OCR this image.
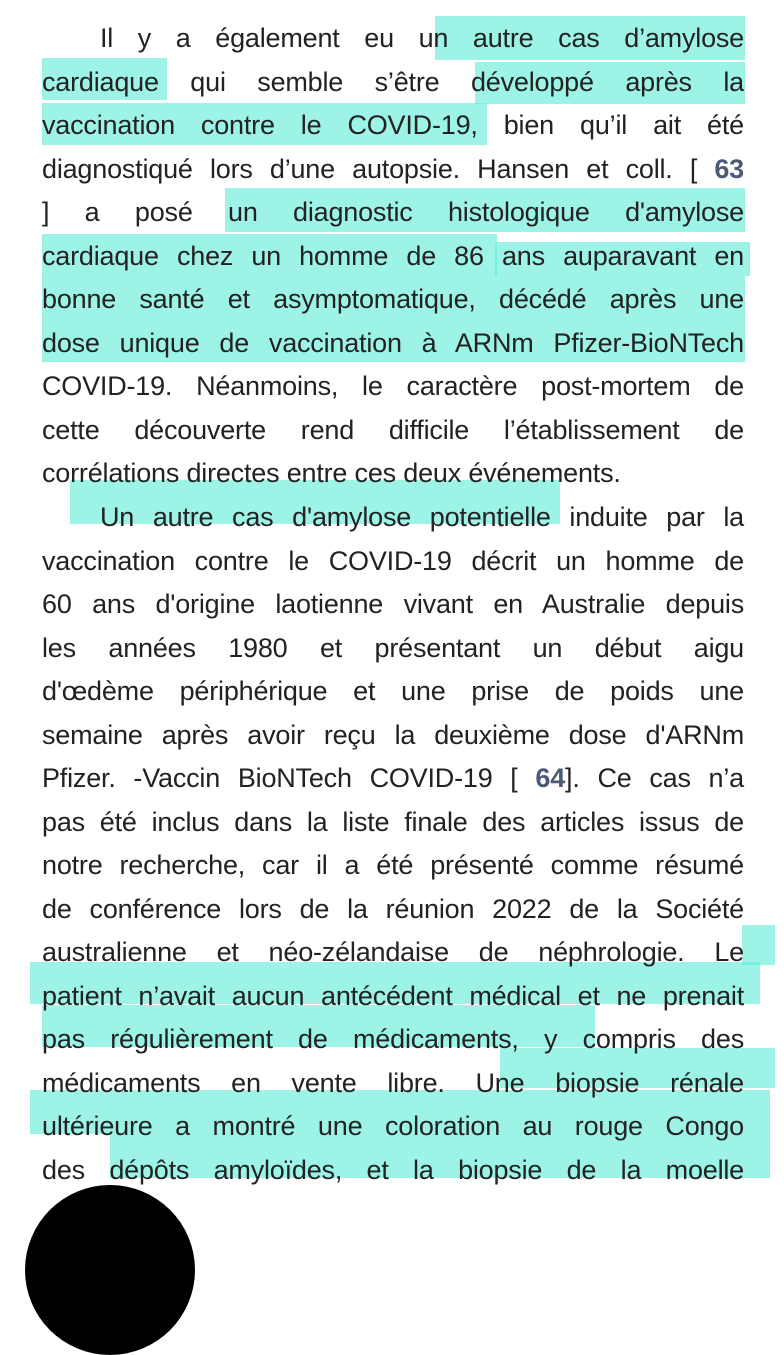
Il y a également eu un autre cas d’amylose
cardiaque qui semble s’être développé après la
vaccination contre le COVID-19, bien qu’il ait été
diagnostiqué lors d’une autopsie. Hansen et coll. [ 63
] a posé un diagnostic histologique d'amylose
cardiaque chez un homme de 86 ans auparavant en
bonne santé et asymptomatique, décédé après une
dose unique de vaccination à ARNm Pfizer-BioNTech
COVID-19. Néanmoins, le caractère post-mortem de
cette découverte rend difficile l’établissement de
corrélations directes entre ces deux événements.
Un autre cas d'amylose potentielle induite par la
vaccination contre le COVID-19 décrit un homme de
60 ans d'origine laotienne vivant en Australie depuis
les années 1980 et présentant un début aigu
d'œdème périphérique et une prise de poids une
semaine après avoir reçu la deuxième dose d'ARNm
Pfizer. -Vaccin BioNTech COVID-19 [ 64]. Ce cas n’a
pas été inclus dans la liste finale des articles issus de
notre recherche, car il a été présenté comme résumé
de conférence lors de la réunion 2022 de la Société
australienne et néo-zélandaise de néphrologie. Le
patient n’avait aucun antécédent médical et ne prenait
pas régulièrement de médicaments, y compris des
médicaments en vente libre. Une biopsie rénale
ultérieure a montré une coloration au rouge Congo
des dépôts amyloïdes, et la biopsie de la moelle
